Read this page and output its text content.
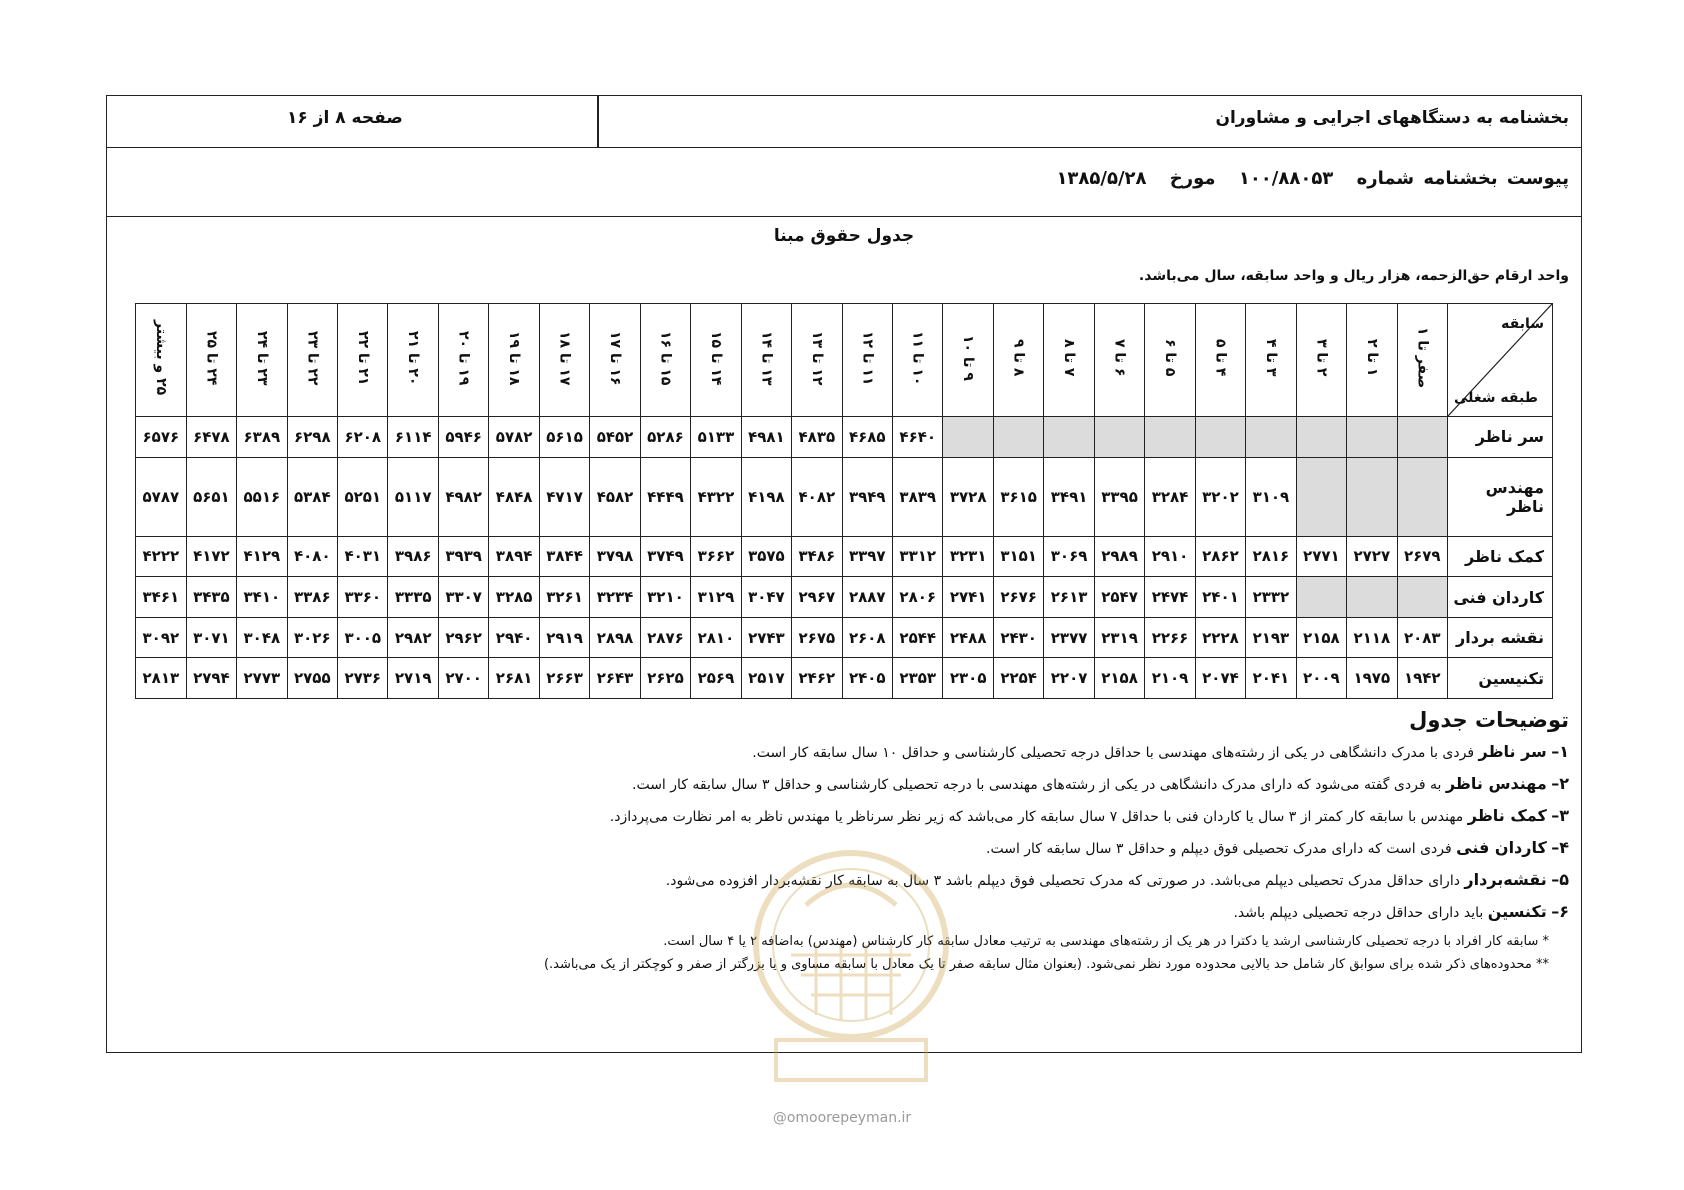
بخشنامه به دستگاههای اجرایی و مشاوران
صفحه ۸ از ۱۶
پیوست بخشنامه شماره ۱۰۰/۸۸۰۵۳ مورخ ۱۳۸۵/۵/۲۸
جدول حقوق مبنا
واحد ارقام حق‌الزحمه، هزار ریال و واحد سابقه، سال می‌باشد.
سابقه
طبقه شغلی	صفر تا ۱	۱ تا ۲	۲ تا ۳	۳ تا ۴	۴ تا ۵	۵ تا ۶	۶ تا ۷	۷ تا ۸	۸ تا ۹	۹ تا ۱۰	۱۰ تا ۱۱	۱۱ تا ۱۲	۱۲ تا ۱۳	۱۳ تا ۱۴	۱۴ تا ۱۵	۱۵ تا ۱۶	۱۶ تا ۱۷	۱۷ تا ۱۸	۱۸ تا ۱۹	۱۹ تا ۲۰	۲۰ تا ۲۱	۲۱ تا ۲۲	۲۲ تا ۲۳	۲۳ تا ۲۴	۲۴ تا ۲۵	۲۵ و بیشتر
سر ناظر											۴۶۴۰	۴۶۸۵	۴۸۳۵	۴۹۸۱	۵۱۳۳	۵۲۸۶	۵۴۵۲	۵۶۱۵	۵۷۸۲	۵۹۴۶	۶۱۱۴	۶۲۰۸	۶۲۹۸	۶۳۸۹	۶۴۷۸	۶۵۷۶
مهندس ناظر				۳۱۰۹	۳۲۰۲	۳۲۸۴	۳۳۹۵	۳۴۹۱	۳۶۱۵	۳۷۲۸	۳۸۳۹	۳۹۴۹	۴۰۸۲	۴۱۹۸	۴۳۲۲	۴۴۴۹	۴۵۸۲	۴۷۱۷	۴۸۴۸	۴۹۸۲	۵۱۱۷	۵۲۵۱	۵۳۸۴	۵۵۱۶	۵۶۵۱	۵۷۸۷
کمک ناظر	۲۶۷۹	۲۷۲۷	۲۷۷۱	۲۸۱۶	۲۸۶۲	۲۹۱۰	۲۹۸۹	۳۰۶۹	۳۱۵۱	۳۲۳۱	۳۳۱۲	۳۳۹۷	۳۴۸۶	۳۵۷۵	۳۶۶۲	۳۷۴۹	۳۷۹۸	۳۸۴۴	۳۸۹۴	۳۹۳۹	۳۹۸۶	۴۰۳۱	۴۰۸۰	۴۱۲۹	۴۱۷۲	۴۲۲۲
کاردان فنی				۲۳۳۲	۲۴۰۱	۲۴۷۴	۲۵۴۷	۲۶۱۳	۲۶۷۶	۲۷۴۱	۲۸۰۶	۲۸۸۷	۲۹۶۷	۳۰۴۷	۳۱۲۹	۳۲۱۰	۳۲۳۴	۳۲۶۱	۳۲۸۵	۳۳۰۷	۳۳۳۵	۳۳۶۰	۳۳۸۶	۳۴۱۰	۳۴۳۵	۳۴۶۱
نقشه بردار	۲۰۸۳	۲۱۱۸	۲۱۵۸	۲۱۹۳	۲۲۲۸	۲۲۶۶	۲۳۱۹	۲۳۷۷	۲۴۳۰	۲۴۸۸	۲۵۴۴	۲۶۰۸	۲۶۷۵	۲۷۴۳	۲۸۱۰	۲۸۷۶	۲۸۹۸	۲۹۱۹	۲۹۴۰	۲۹۶۲	۲۹۸۲	۳۰۰۵	۳۰۲۶	۳۰۴۸	۳۰۷۱	۳۰۹۲
تکنیسین	۱۹۴۲	۱۹۷۵	۲۰۰۹	۲۰۴۱	۲۰۷۴	۲۱۰۹	۲۱۵۸	۲۲۰۷	۲۲۵۴	۲۳۰۵	۲۳۵۳	۲۴۰۵	۲۴۶۲	۲۵۱۷	۲۵۶۹	۲۶۲۵	۲۶۴۳	۲۶۶۳	۲۶۸۱	۲۷۰۰	۲۷۱۹	۲۷۳۶	۲۷۵۵	۲۷۷۳	۲۷۹۴	۲۸۱۳
توضیحات جدول
۱– سر ناظر فردی با مدرک دانشگاهی در یکی از رشته‌های مهندسی با حداقل درجه تحصیلی کارشناسی و حداقل ۱۰ سال سابقه کار است.
۲– مهندس ناظر به فردی گفته می‌شود که دارای مدرک دانشگاهی در یکی از رشته‌های مهندسی با درجه تحصیلی کارشناسی و حداقل ۳ سال سابقه کار است.
۳– کمک ناظر مهندس با سابقه کار کمتر از ۳ سال یا کاردان فنی با حداقل ۷ سال سابقه کار می‌باشد که زیر نظر سرناظر یا مهندس ناظر به امر نظارت می‌پردازد.
۴– کاردان فنی فردی است که دارای مدرک تحصیلی فوق دیپلم و حداقل ۳ سال سابقه کار است.
۵– نقشه‌بردار دارای حداقل مدرک تحصیلی دیپلم می‌باشد. در صورتی که مدرک تحصیلی فوق دیپلم باشد ۳ سال به سابقه کار نقشه‌بردار افزوده می‌شود.
۶– تکنسین باید دارای حداقل درجه تحصیلی دیپلم باشد.
* سابقه کار افراد با درجه تحصیلی کارشناسی ارشد یا دکترا در هر یک از رشته‌های مهندسی به ترتیب معادل سابقه کار کارشناس (مهندس) به‌اضافه ۲ یا ۴ سال است.
** محدوده‌های ذکر شده برای سوابق کار شامل حد بالایی محدوده مورد نظر نمی‌شود. (بعنوان مثال سابقه صفر تا یک معادل با سابقه مساوی و یا بزرگتر از صفر و کوچکتر از یک می‌باشد.)
@omoorepeyman.ir
